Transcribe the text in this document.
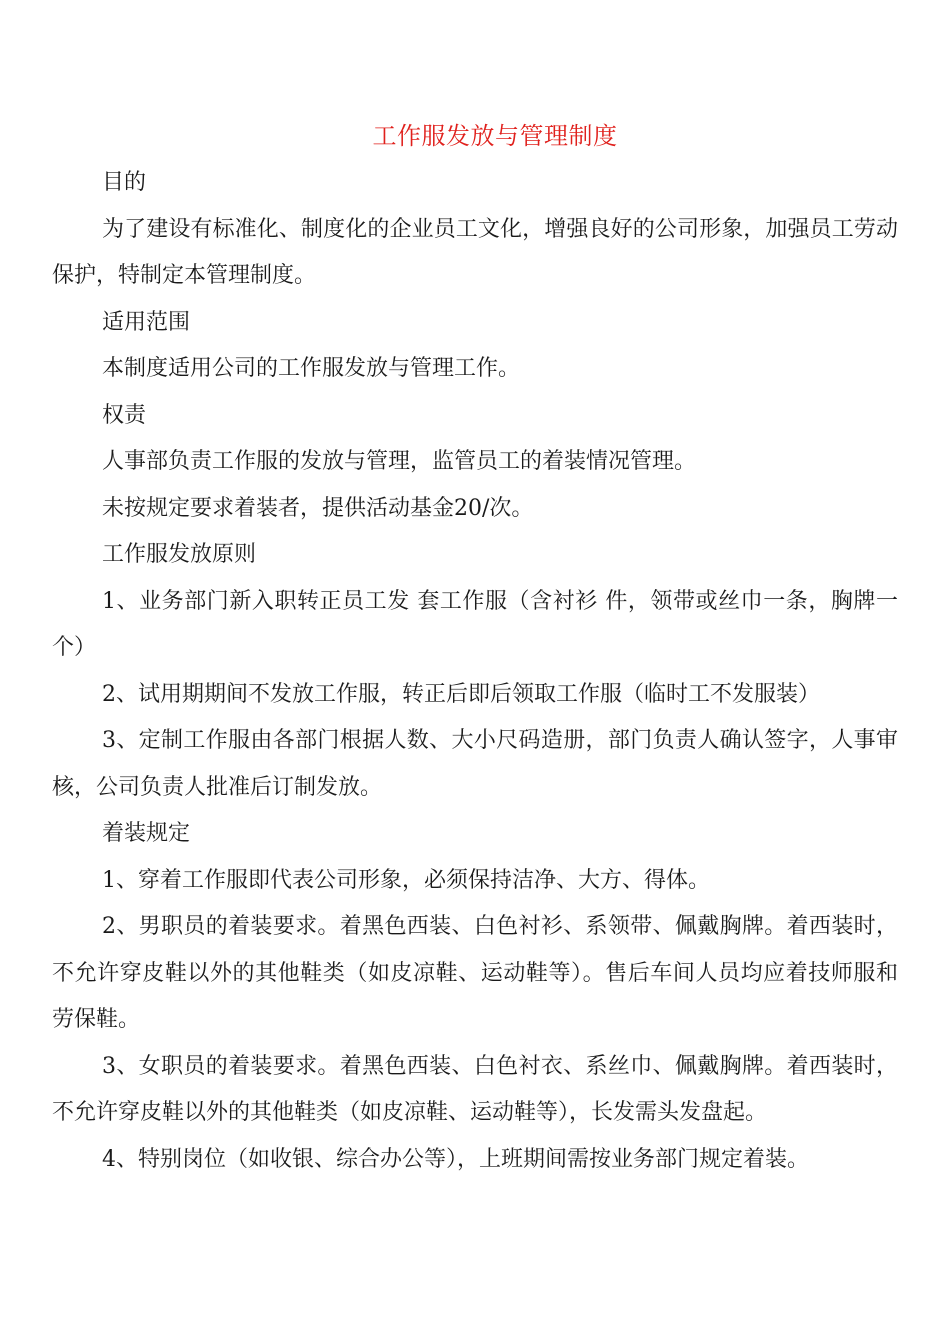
工作服发放与管理制度

目的

为了建设有标准化、制度化的企业员工文化，增强良好的公司形象，加强员工劳动保护，特制定本管理制度。

适用范围

本制度适用公司的工作服发放与管理工作。

权责

人事部负责工作服的发放与管理，监管员工的着装情况管理。

未按规定要求着装者，提供活动基金20/次。

工作服发放原则

1、业务部门新入职转正员工发 套工作服（含衬衫 件，领带或丝巾一条，胸牌一个）

2、试用期期间不发放工作服，转正后即后领取工作服（临时工不发服装）

3、定制工作服由各部门根据人数、大小尺码造册，部门负责人确认签字，人事审核，公司负责人批准后订制发放。

着装规定

1、穿着工作服即代表公司形象，必须保持洁净、大方、得体。

2、男职员的着装要求。着黑色西装、白色衬衫、系领带、佩戴胸牌。着西装时，不允许穿皮鞋以外的其他鞋类（如皮凉鞋、运动鞋等）。售后车间人员均应着技师服和劳保鞋。

3、女职员的着装要求。着黑色西装、白色衬衣、系丝巾、佩戴胸牌。着西装时，不允许穿皮鞋以外的其他鞋类（如皮凉鞋、运动鞋等），长发需头发盘起。

4、特别岗位（如收银、综合办公等），上班期间需按业务部门规定着装。
